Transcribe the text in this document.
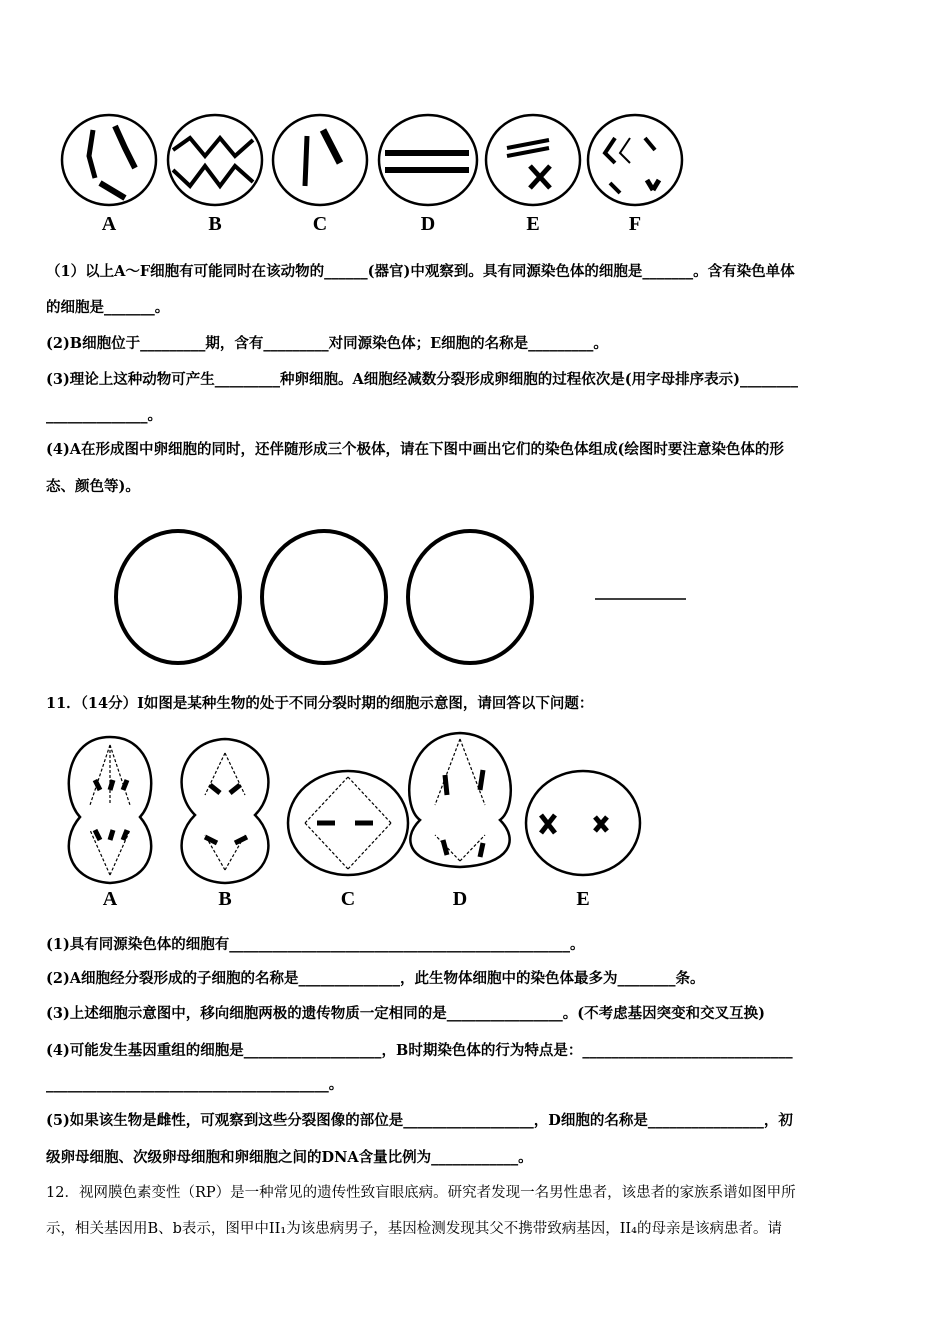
A	B	C	D	E	F
（1）以上A～F细胞有可能同时在该动物的______(器官)中观察到。具有同源染色体的细胞是_______。含有染色单体
的细胞是_______。
(2)B细胞位于_________期，含有_________对同源染色体；E细胞的名称是_________。
(3)理论上这种动物可产生_________种卵细胞。A细胞经减数分裂形成卵细胞的过程依次是(用字母排序表示)________
______________。
(4)A在形成图中卵细胞的同时，还伴随形成三个极体，请在下图中画出它们的染色体组成(绘图时要注意染色体的形
态、颜色等)。
11．（14分）I如图是某种生物的处于不同分裂时期的细胞示意图，请回答以下问题：
A	B	C	D	E
(1)具有同源染色体的细胞有_______________________________________________。
(2)A细胞经分裂形成的子细胞的名称是______________，此生物体细胞中的染色体最多为________条。
(3)上述细胞示意图中，移向细胞两极的遗传物质一定相同的是________________。(不考虑基因突变和交叉互换)
(4)可能发生基因重组的细胞是___________________，B时期染色体的行为特点是：_____________________________
_______________________________________。
(5)如果该生物是雌性，可观察到这些分裂图像的部位是__________________，D细胞的名称是________________，初
级卵母细胞、次级卵母细胞和卵细胞之间的DNA含量比例为____________。
12．视网膜色素变性（RP）是一种常见的遗传性致盲眼底病。研究者发现一名男性患者，该患者的家族系谱如图甲所
示，相关基因用B、b表示，图甲中II₁为该患病男子，基因检测发现其父不携带致病基因，II₄的母亲是该病患者。请
